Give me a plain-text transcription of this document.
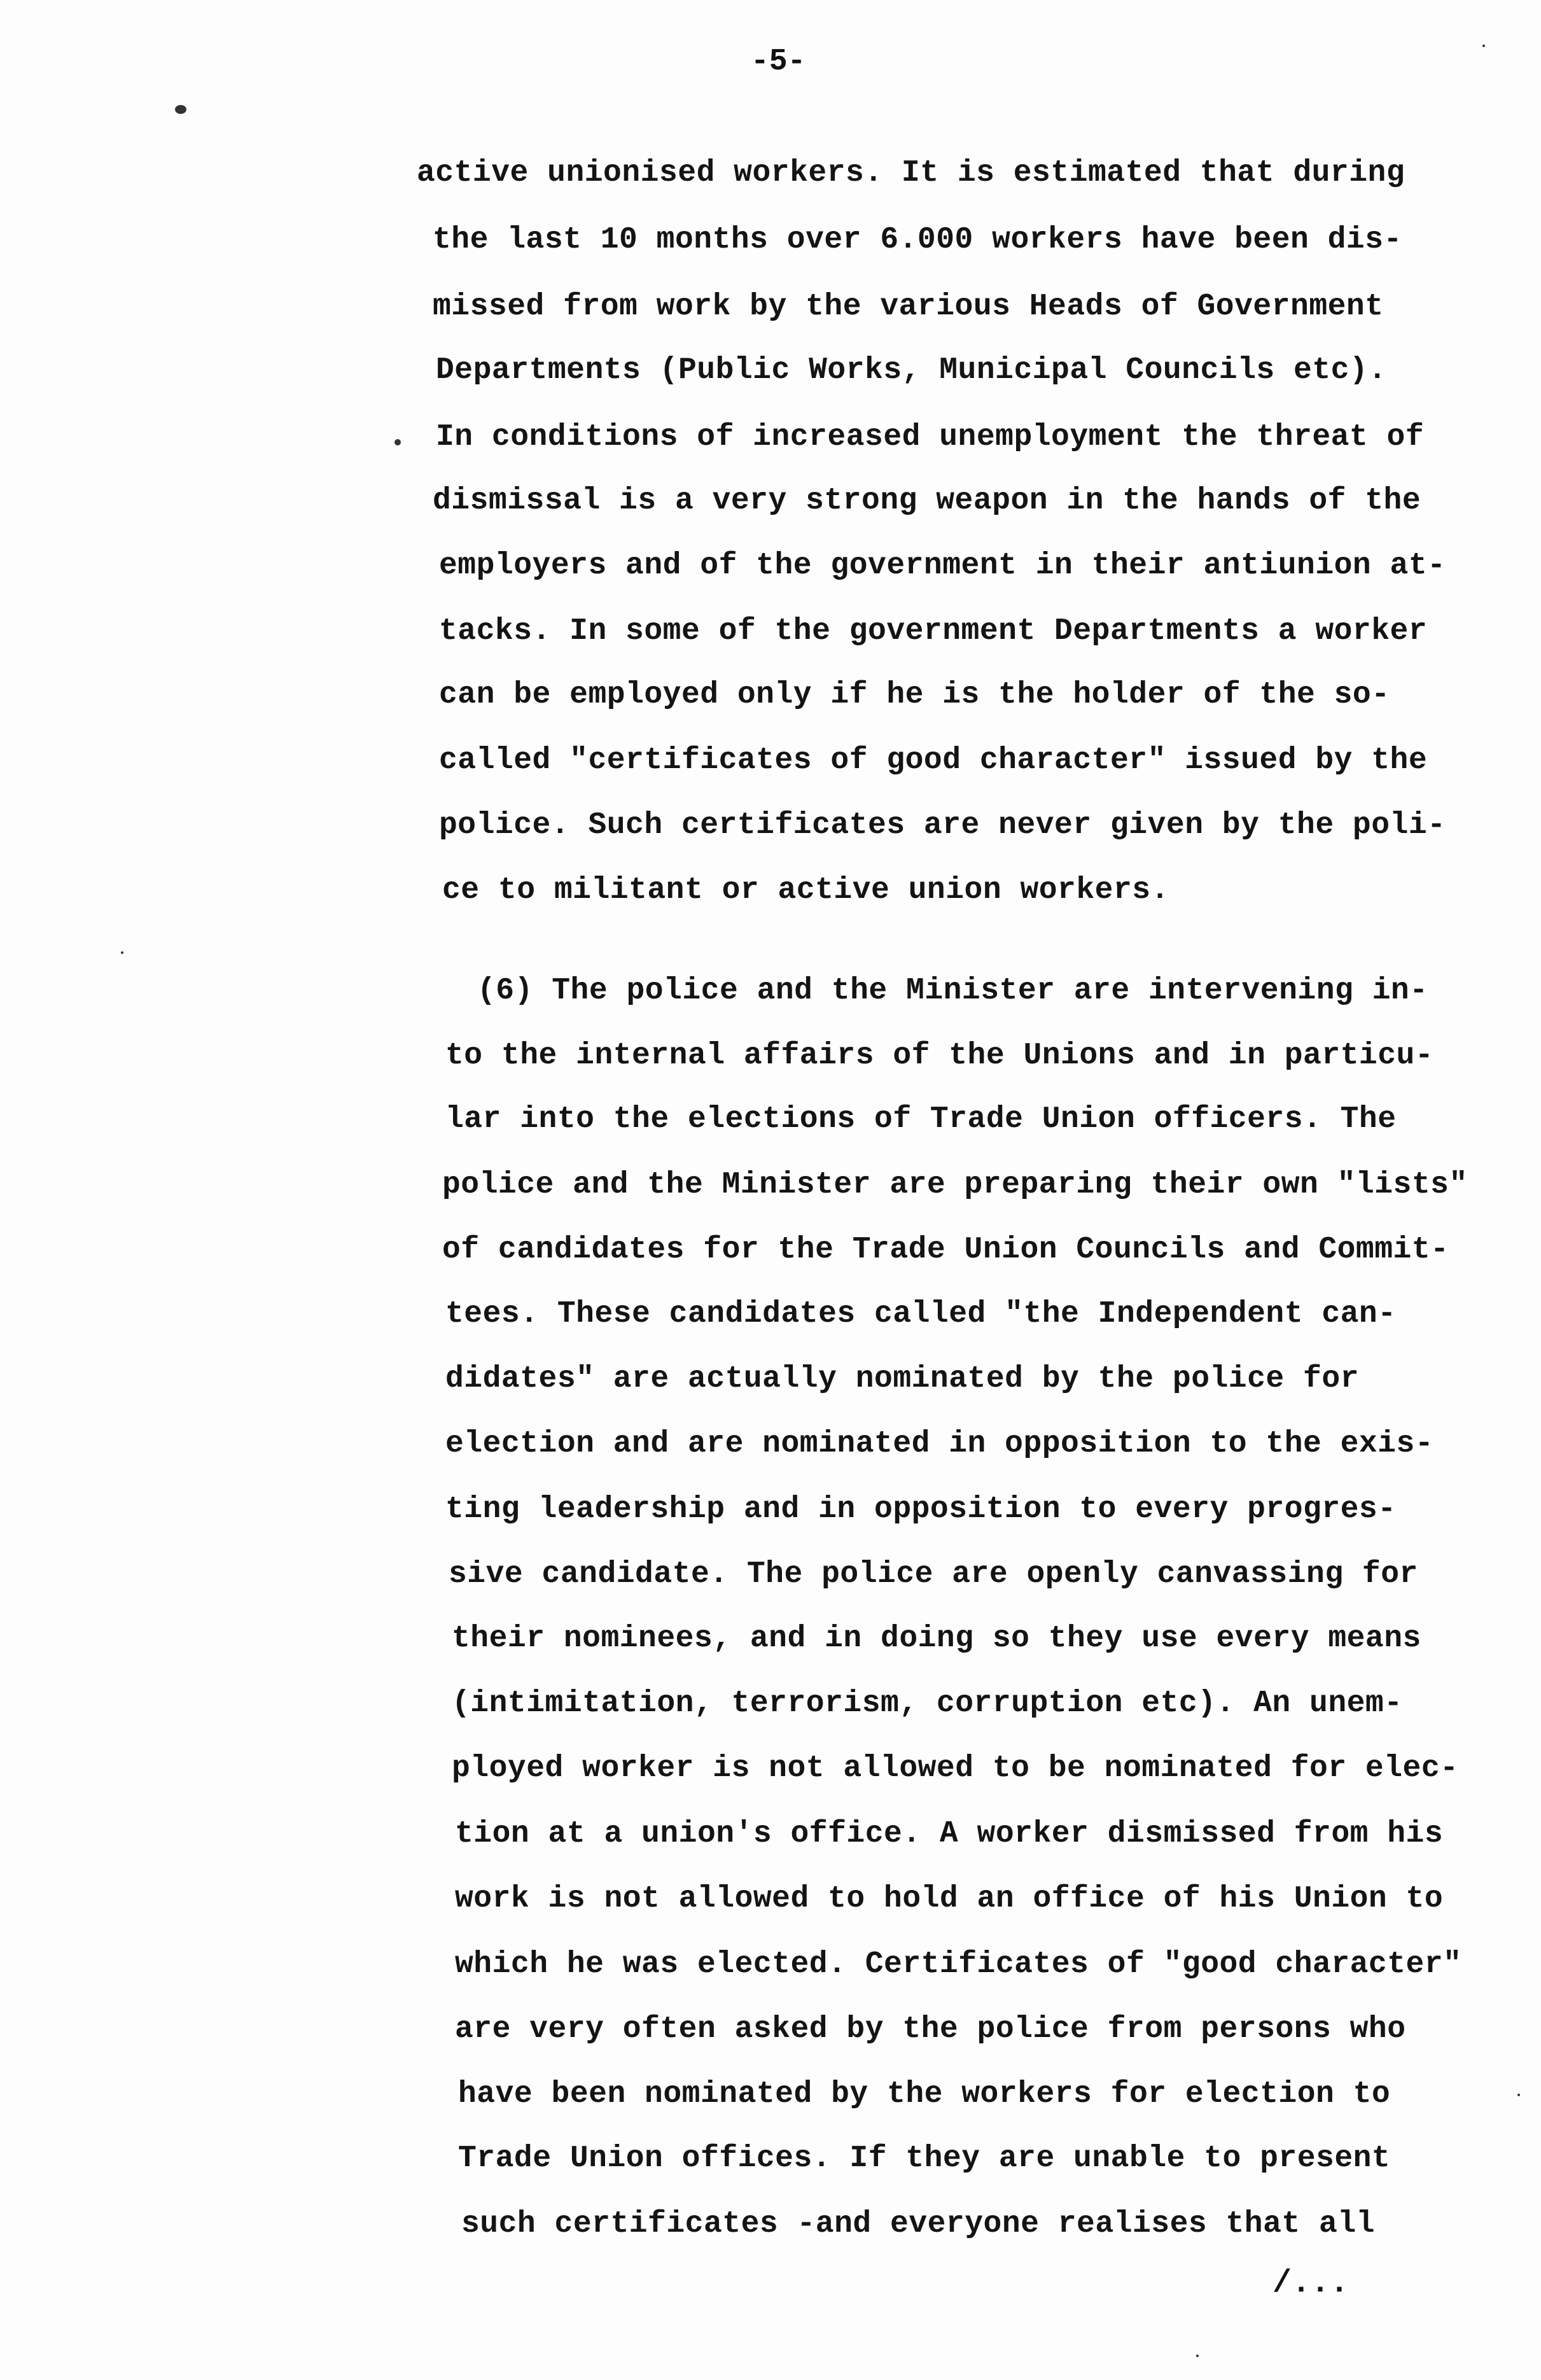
-5-
active unionised workers. It is estimated that during
the last 10 months over 6.000 workers have been dis-
missed from work by the various Heads of Government
Departments (Public Works, Municipal Councils etc).
In conditions of increased unemployment the threat of
dismissal is a very strong weapon in the hands of the
employers and of the government in their antiunion at-
tacks. In some of the government Departments a worker
can be employed only if he is the holder of the so-
called "certificates of good character" issued by the
police. Such certificates are never given by the poli-
ce to militant or active union workers.
(6) The police and the Minister are intervening in-
to the internal affairs of the Unions and in particu-
lar into the elections of Trade Union officers. The
police and the Minister are preparing their own "lists"
of candidates for the Trade Union Councils and Commit-
tees. These candidates called "the Independent can-
didates" are actually nominated by the police for
election and are nominated in opposition to the exis-
ting leadership and in opposition to every progres-
sive candidate. The police are openly canvassing for
their nominees, and in doing so they use every means
(intimitation, terrorism, corruption etc). An unem-
ployed worker is not allowed to be nominated for elec-
tion at a union's office. A worker dismissed from his
work is not allowed to hold an office of his Union to
which he was elected. Certificates of "good character"
are very often asked by the police from persons who
have been nominated by the workers for election to
Trade Union offices. If they are unable to present
such certificates -and everyone realises that all
/...
